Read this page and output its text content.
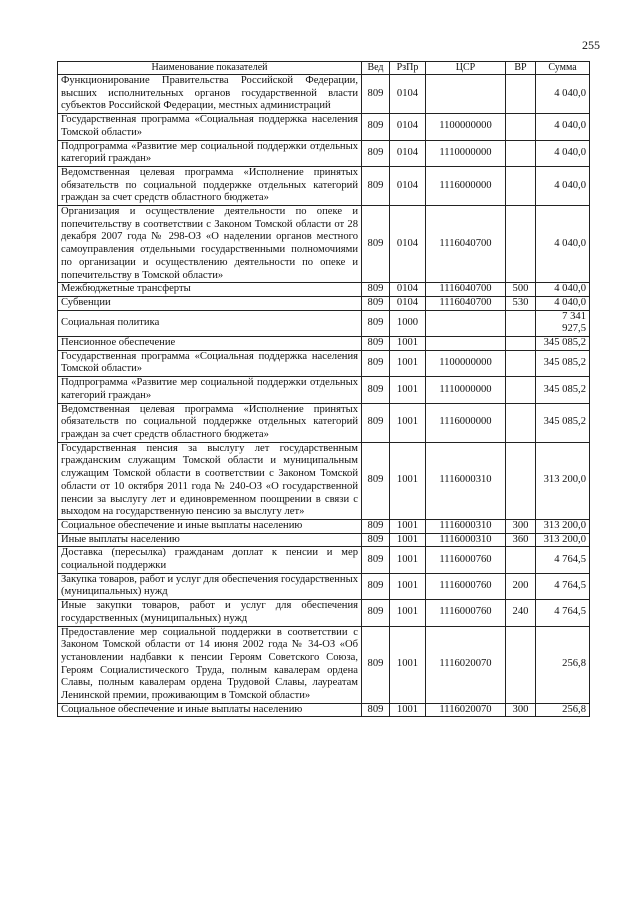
255
Наименование показателей	Вед	РзПр	ЦСР	ВР	Сумма
Функционирование Правительства Российской Федерации, высших исполнительных органов государственной власти субъектов Российской Федерации, местных администраций	809	0104			4 040,0
Государственная программа «Социальная поддержка населения Томской области»	809	0104	1100000000		4 040,0
Подпрограмма «Развитие мер социальной поддержки отдельных категорий граждан»	809	0104	1110000000		4 040,0
Ведомственная целевая программа «Исполнение принятых обязательств по социальной поддержке отдельных категорий граждан за счет средств областного бюджета»	809	0104	1116000000		4 040,0
Организация и осуществление деятельности по опеке и попечительству в соответствии с Законом Томской области от 28 декабря 2007 года № 298-ОЗ «О наделении органов местного самоуправления отдельными государственными полномочиями по организации и осуществлению деятельности по опеке и попечительству в Томской области»	809	0104	1116040700		4 040,0
Межбюджетные трансферты	809	0104	1116040700	500	4 040,0
Субвенции	809	0104	1116040700	530	4 040,0
Социальная политика	809	1000			7 341 927,5
Пенсионное обеспечение	809	1001			345 085,2
Государственная программа «Социальная поддержка населения Томской области»	809	1001	1100000000		345 085,2
Подпрограмма «Развитие мер социальной поддержки отдельных категорий граждан»	809	1001	1110000000		345 085,2
Ведомственная целевая программа «Исполнение принятых обязательств по социальной поддержке отдельных категорий граждан за счет средств областного бюджета»	809	1001	1116000000		345 085,2
Государственная пенсия за выслугу лет государственным гражданским служащим Томской области и муниципальным служащим Томской области в соответствии с Законом Томской области от 10 октября 2011 года № 240-ОЗ «О государственной пенсии за выслугу лет и единовременном поощрении в связи с выходом на государственную пенсию за выслугу лет»	809	1001	1116000310		313 200,0
Социальное обеспечение и иные выплаты населению	809	1001	1116000310	300	313 200,0
Иные выплаты населению	809	1001	1116000310	360	313 200,0
Доставка (пересылка) гражданам доплат к пенсии и мер социальной поддержки	809	1001	1116000760		4 764,5
Закупка товаров, работ и услуг для обеспечения государственных (муниципальных) нужд	809	1001	1116000760	200	4 764,5
Иные закупки товаров, работ и услуг для обеспечения государственных (муниципальных) нужд	809	1001	1116000760	240	4 764,5
Предоставление мер социальной поддержки в соответствии с Законом Томской области от 14 июня 2002 года № 34-ОЗ «Об установлении надбавки к пенсии Героям Советского Союза, Героям Социалистического Труда, полным кавалерам ордена Славы, полным кавалерам ордена Трудовой Славы, лауреатам Ленинской премии, проживающим в Томской области»	809	1001	1116020070		256,8
Социальное обеспечение и иные выплаты населению	809	1001	1116020070	300	256,8
